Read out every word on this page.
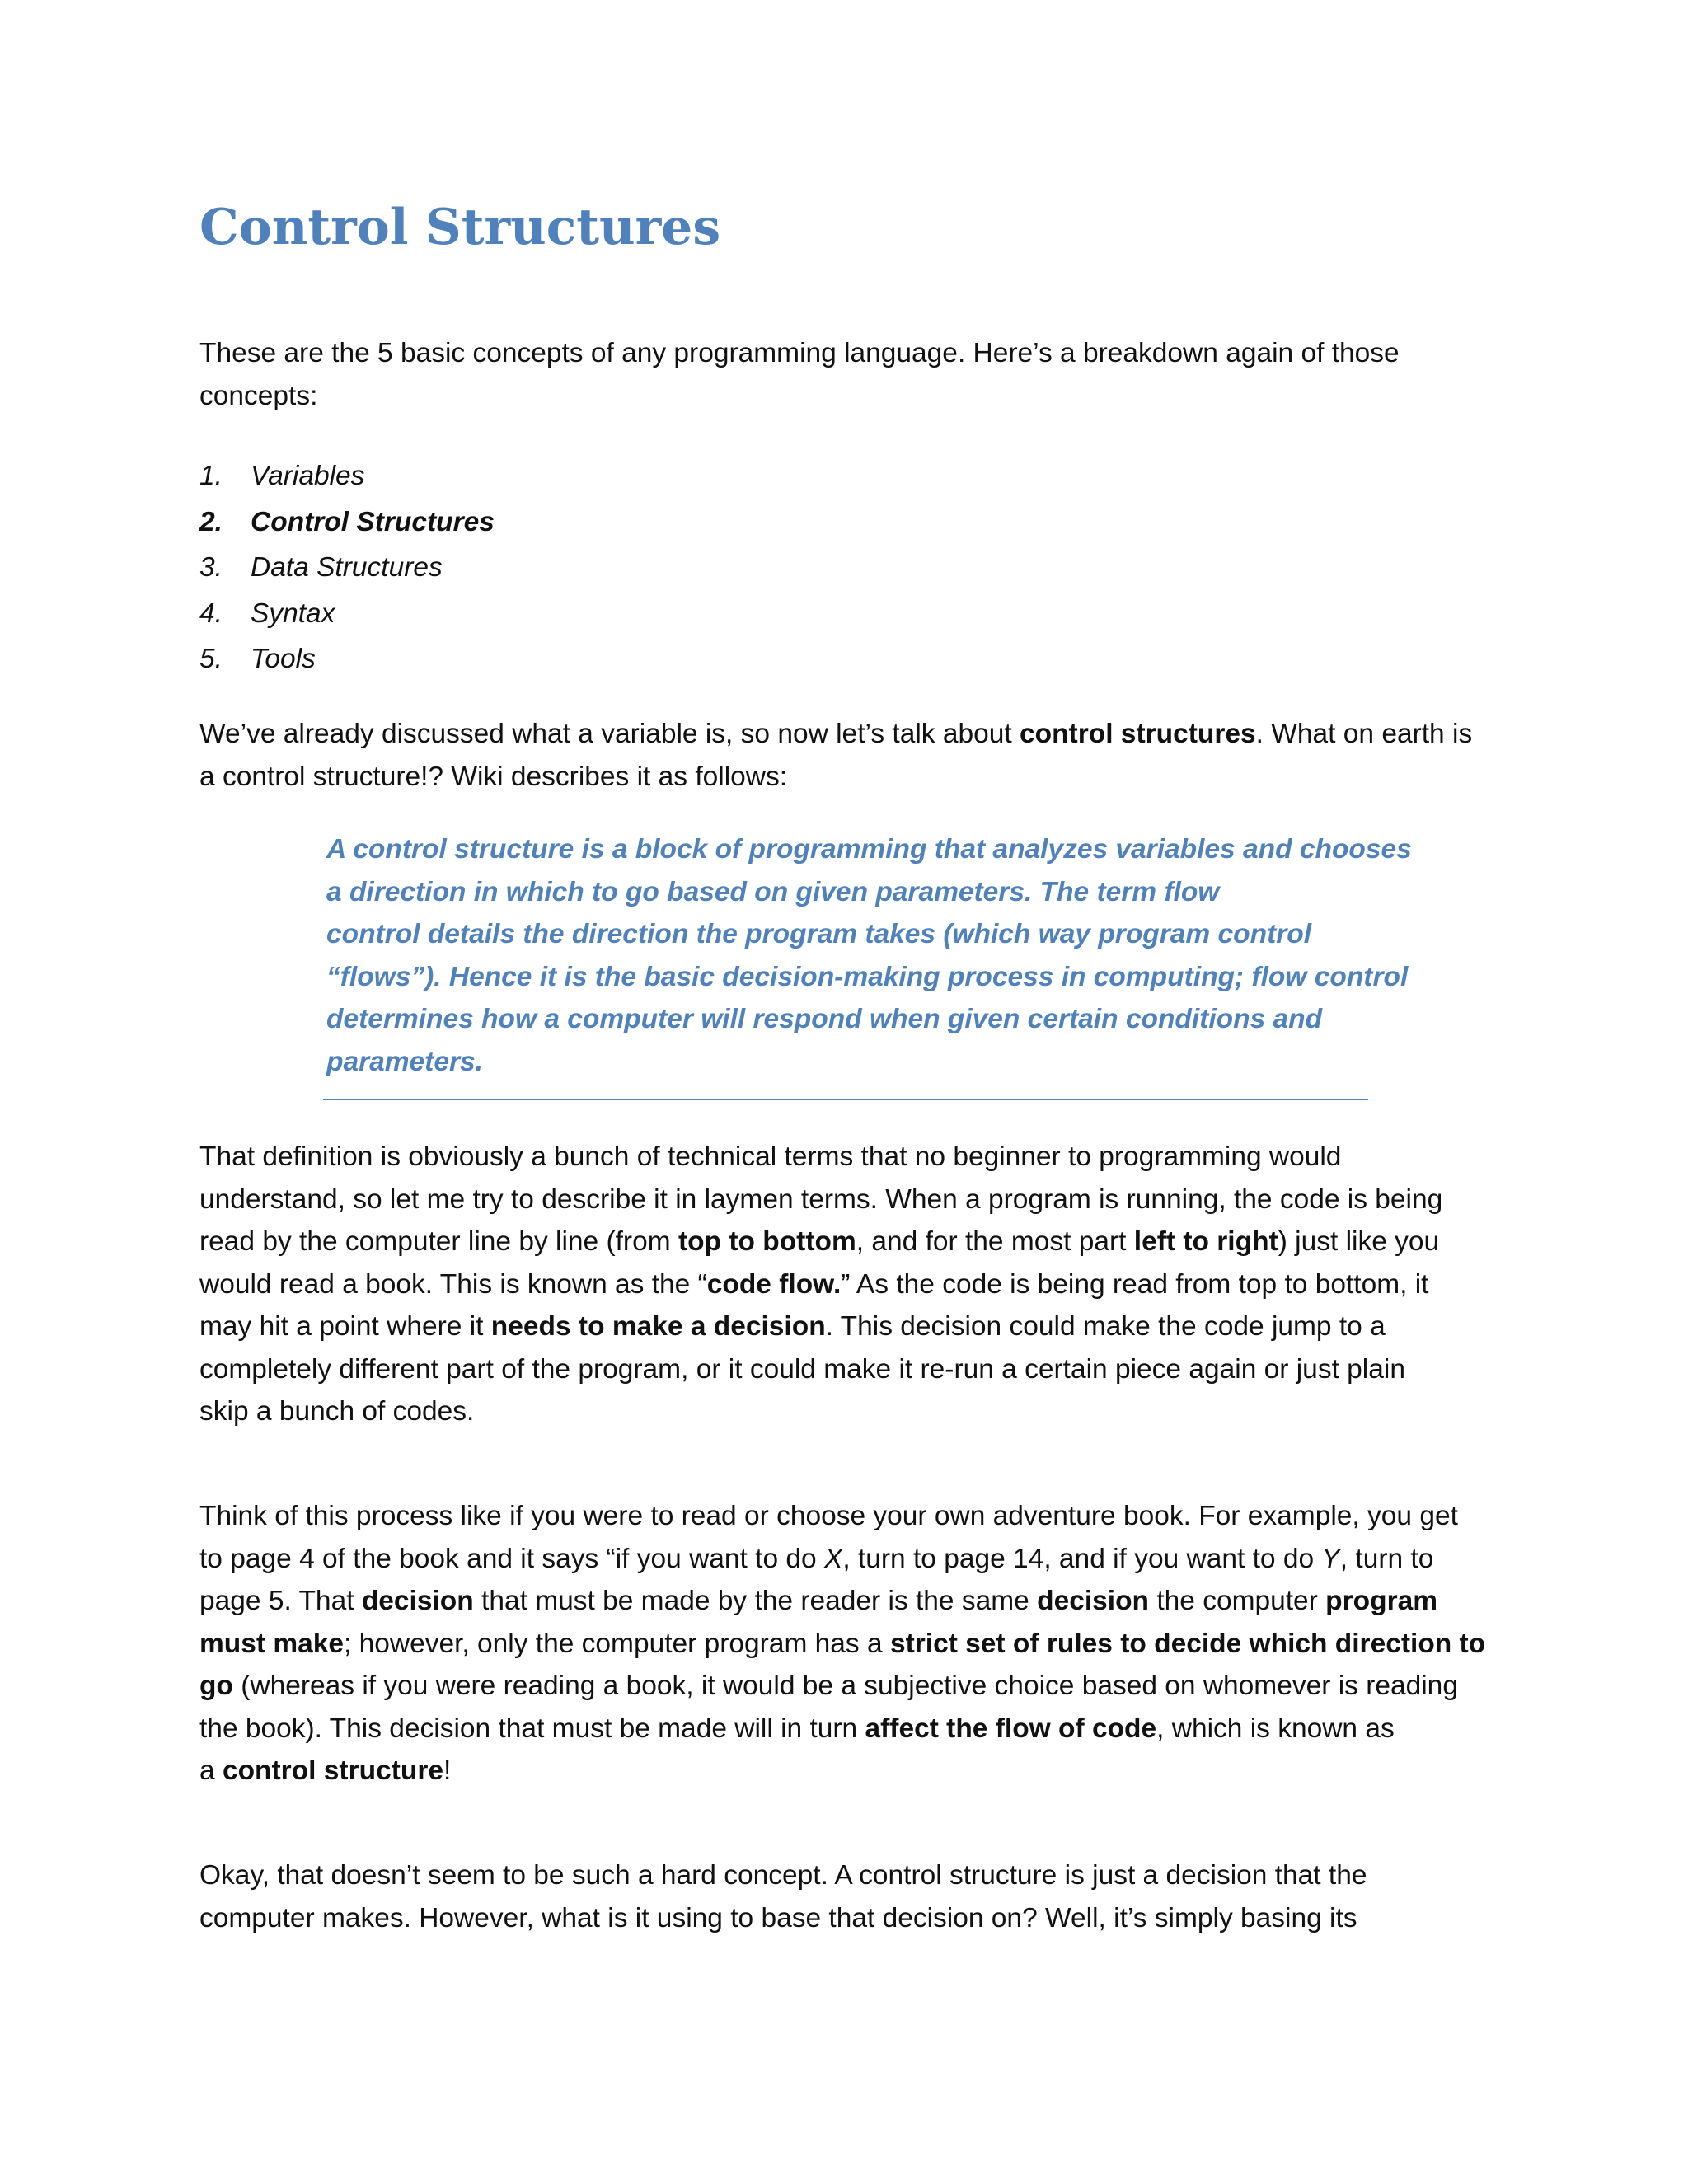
Control Structures

These are the 5 basic concepts of any programming language. Here’s a breakdown again of those
concepts:

1. Variables
2. Control Structures
3. Data Structures
4. Syntax
5. Tools

We’ve already discussed what a variable is, so now let’s talk about control structures. What on earth is
a control structure!? Wiki describes it as follows:

A control structure is a block of programming that analyzes variables and chooses
a direction in which to go based on given parameters. The term flow
control details the direction the program takes (which way program control
“flows”). Hence it is the basic decision-making process in computing; flow control
determines how a computer will respond when given certain conditions and
parameters.

That definition is obviously a bunch of technical terms that no beginner to programming would
understand, so let me try to describe it in laymen terms. When a program is running, the code is being
read by the computer line by line (from top to bottom, and for the most part left to right) just like you
would read a book. This is known as the “code flow.” As the code is being read from top to bottom, it
may hit a point where it needs to make a decision. This decision could make the code jump to a
completely different part of the program, or it could make it re-run a certain piece again or just plain
skip a bunch of codes.

Think of this process like if you were to read or choose your own adventure book. For example, you get
to page 4 of the book and it says “if you want to do X, turn to page 14, and if you want to do Y, turn to
page 5. That decision that must be made by the reader is the same decision the computer program
must make; however, only the computer program has a strict set of rules to decide which direction to
go (whereas if you were reading a book, it would be a subjective choice based on whomever is reading
the book). This decision that must be made will in turn affect the flow of code, which is known as
a control structure!

Okay, that doesn’t seem to be such a hard concept. A control structure is just a decision that the
computer makes. However, what is it using to base that decision on? Well, it’s simply basing its
